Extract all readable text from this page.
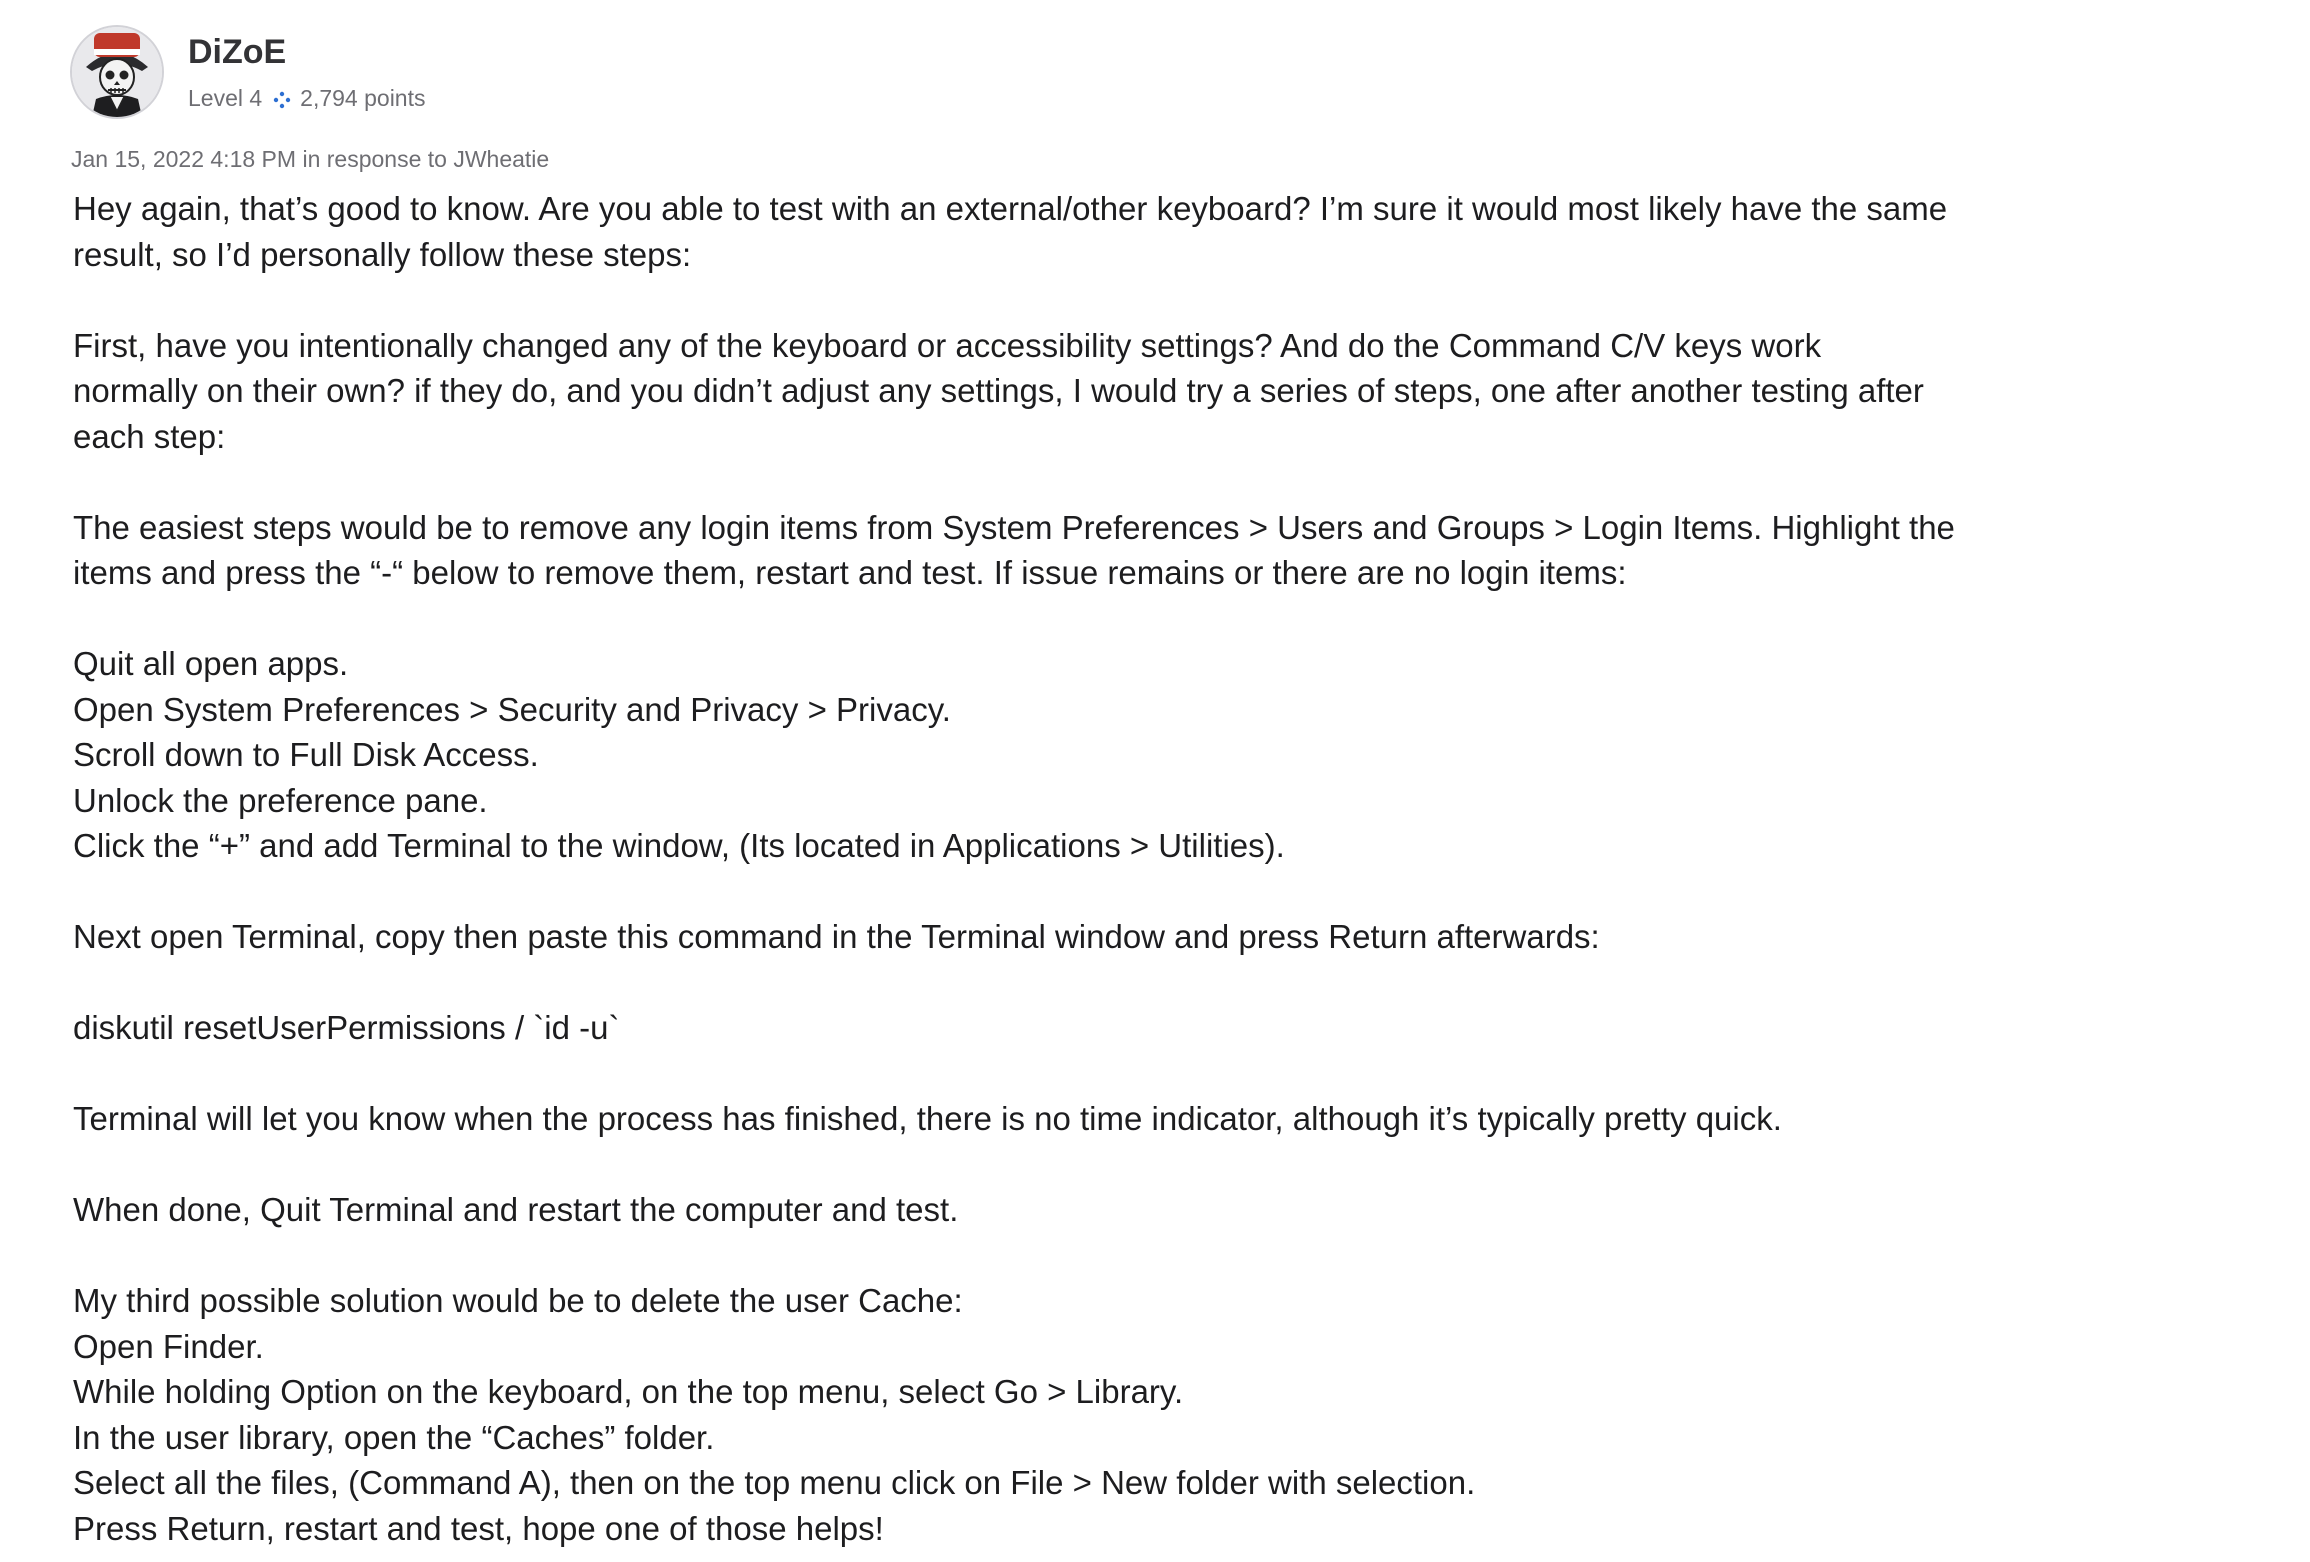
DiZoE
Level 4 2,794 points
Jan 15, 2022 4:18 PM in response to JWheatie

Hey again, that’s good to know. Are you able to test with an external/other keyboard? I’m sure it would most likely have the same
result, so I’d personally follow these steps:

First, have you intentionally changed any of the keyboard or accessibility settings? And do the Command C/V keys work
normally on their own? if they do, and you didn’t adjust any settings, I would try a series of steps, one after another testing after
each step:

The easiest steps would be to remove any login items from System Preferences > Users and Groups > Login Items. Highlight the
items and press the “-“ below to remove them, restart and test. If issue remains or there are no login items:

Quit all open apps.
Open System Preferences > Security and Privacy > Privacy.
Scroll down to Full Disk Access.
Unlock the preference pane.
Click the “+” and add Terminal to the window, (Its located in Applications > Utilities).

Next open Terminal, copy then paste this command in the Terminal window and press Return afterwards:

diskutil resetUserPermissions / `id -u`

Terminal will let you know when the process has finished, there is no time indicator, although it’s typically pretty quick.

When done, Quit Terminal and restart the computer and test.

My third possible solution would be to delete the user Cache:
Open Finder.
While holding Option on the keyboard, on the top menu, select Go > Library.
In the user library, open the “Caches” folder.
Select all the files, (Command A), then on the top menu click on File > New folder with selection.
Press Return, restart and test, hope one of those helps!
